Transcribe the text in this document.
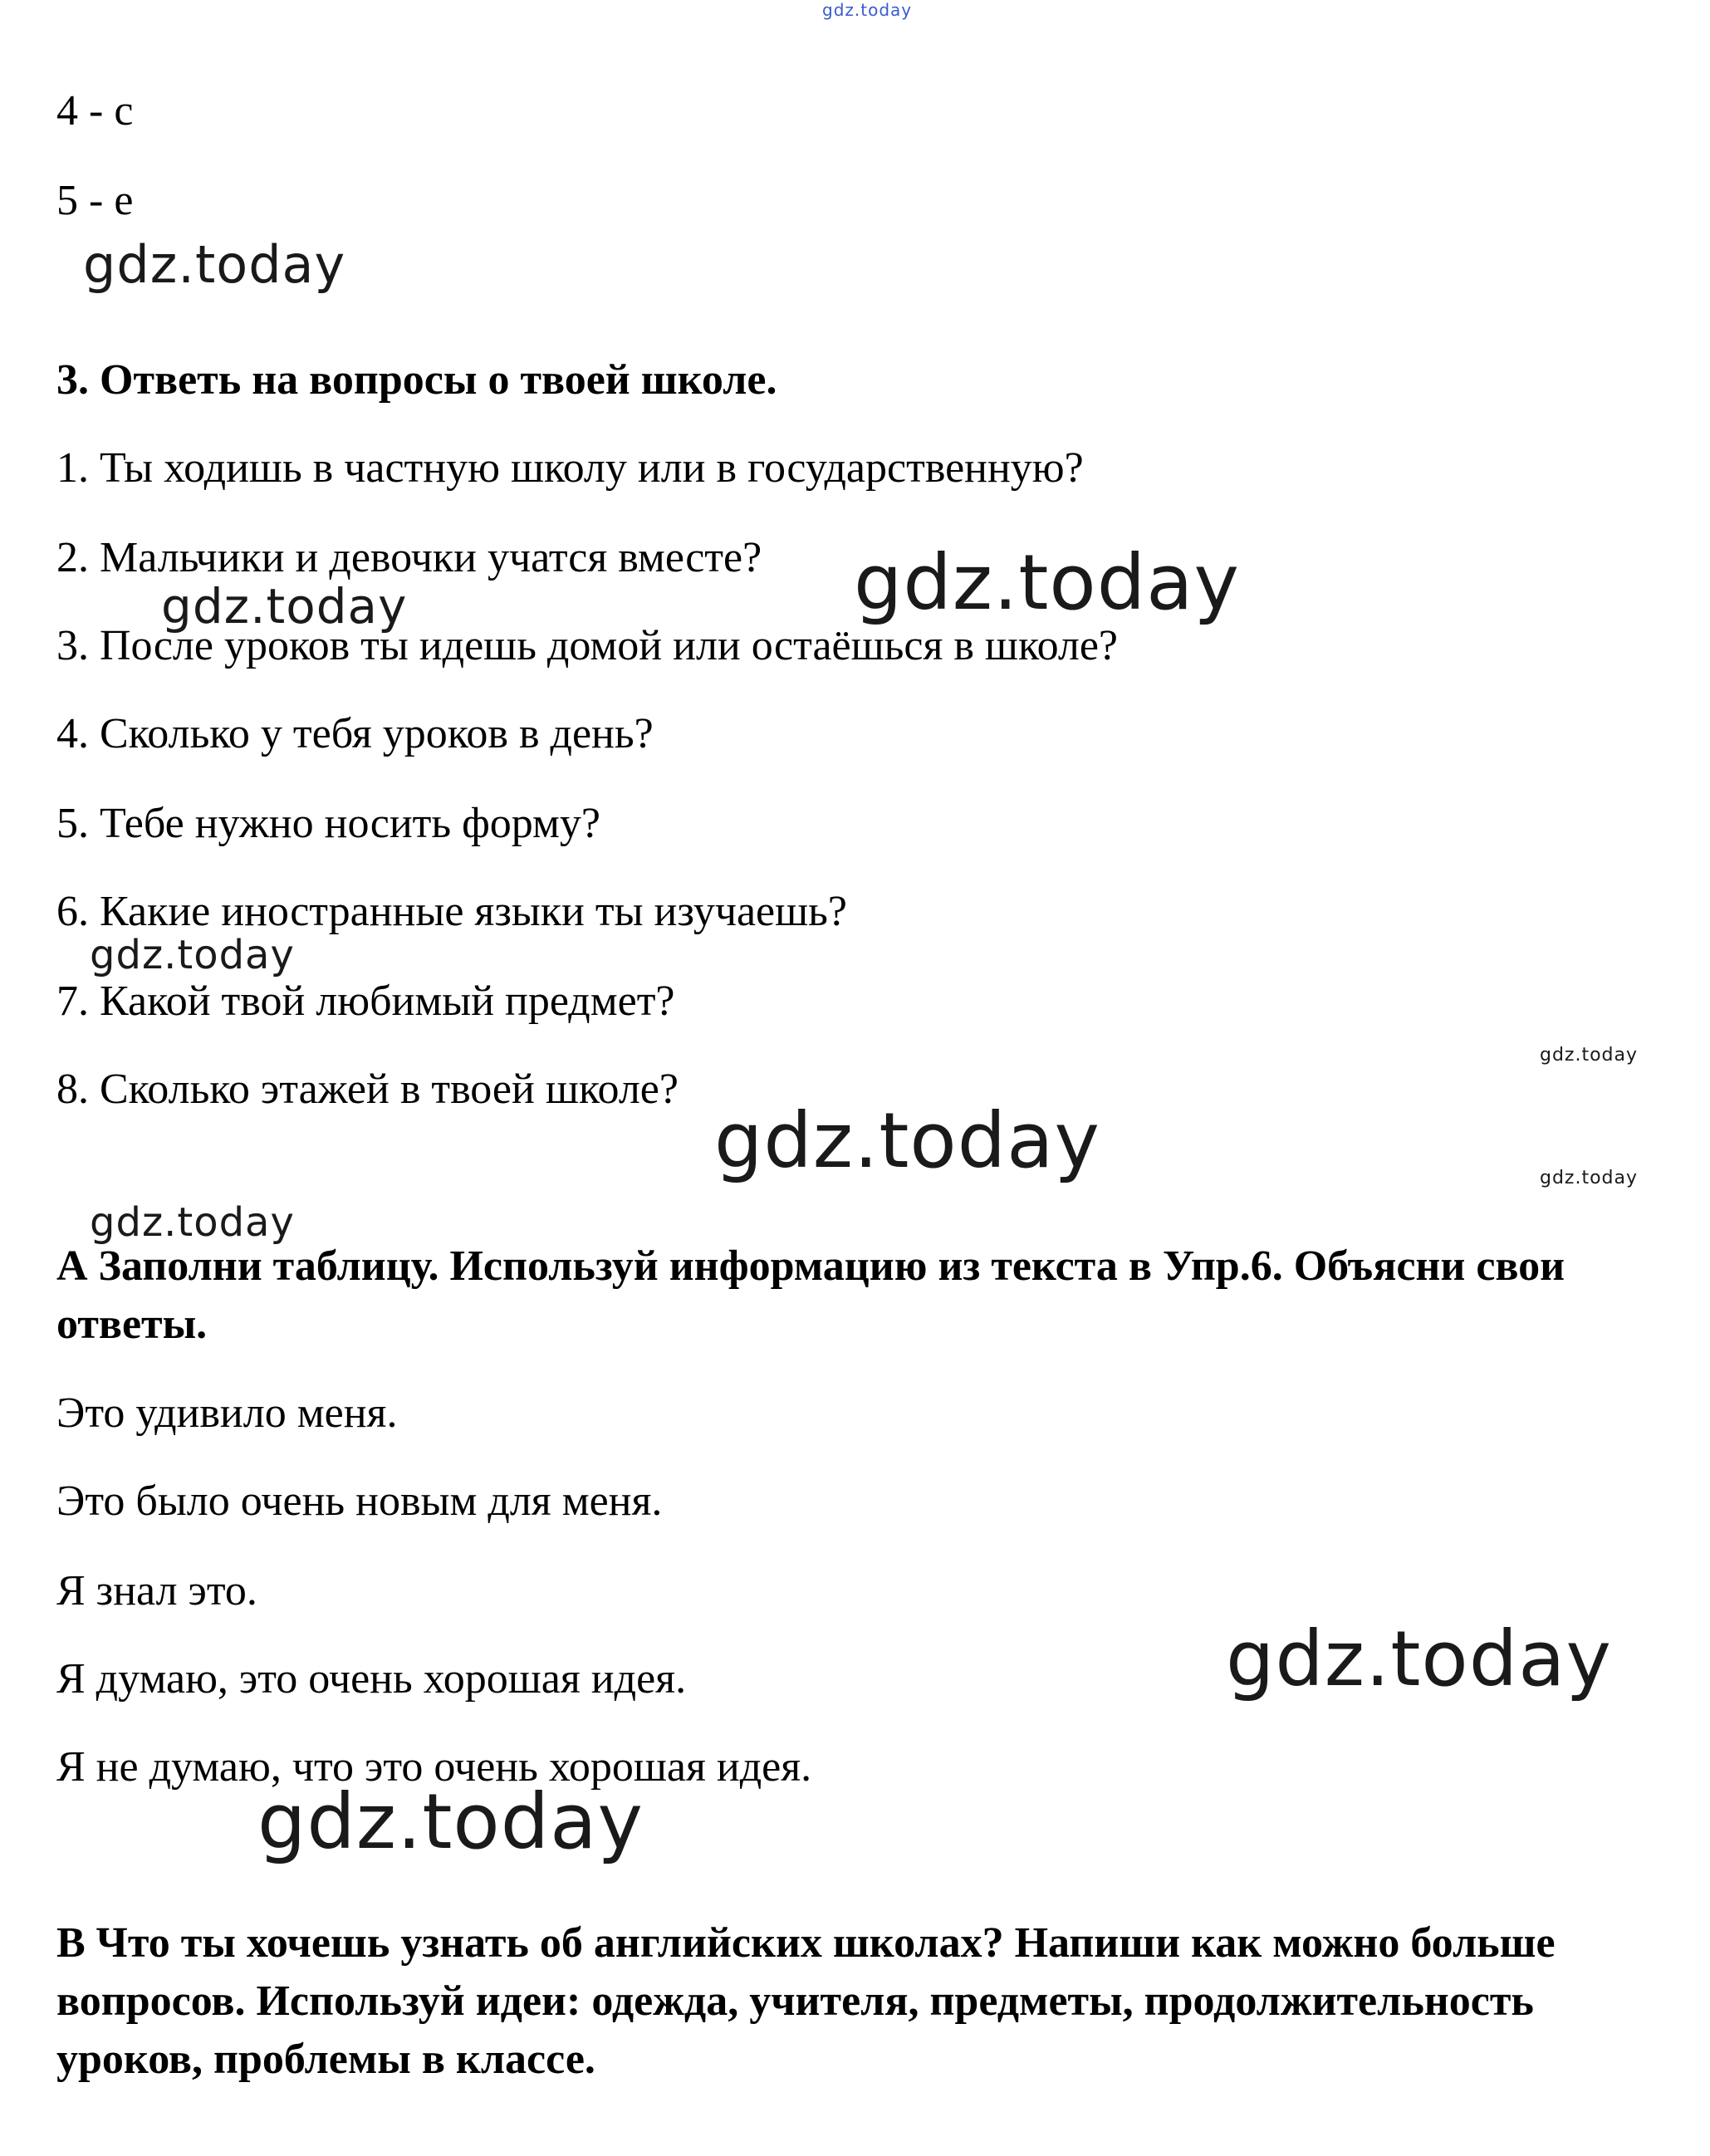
4 - c

5 - e

3. Ответь на вопросы о твоей школе.

1. Ты ходишь в частную школу или в государственную?

2. Мальчики и девочки учатся вместе?

3. После уроков ты идешь домой или остаёшься в школе?

4. Сколько у тебя уроков в день?

5. Тебе нужно носить форму?

6. Какие иностранные языки ты изучаешь?

7. Какой твой любимый предмет?

8. Сколько этажей в твоей школе?

А Заполни таблицу. Используй информацию из текста в Упр.6. Объясни свои ответы.

Это удивило меня.

Это было очень новым для меня.

Я знал это.

Я думаю, это очень хорошая идея.

Я не думаю, что это очень хорошая идея.

В Что ты хочешь узнать об английских школах? Напиши как можно больше вопросов. Используй идеи: одежда, учителя, предметы, продолжительность уроков, проблемы в классе.

gdz.today
gdz.today
gdz.today
gdz.today
gdz.today
gdz.today
gdz.today	gdz.today
gdz.today
gdz.today
gdz.today
